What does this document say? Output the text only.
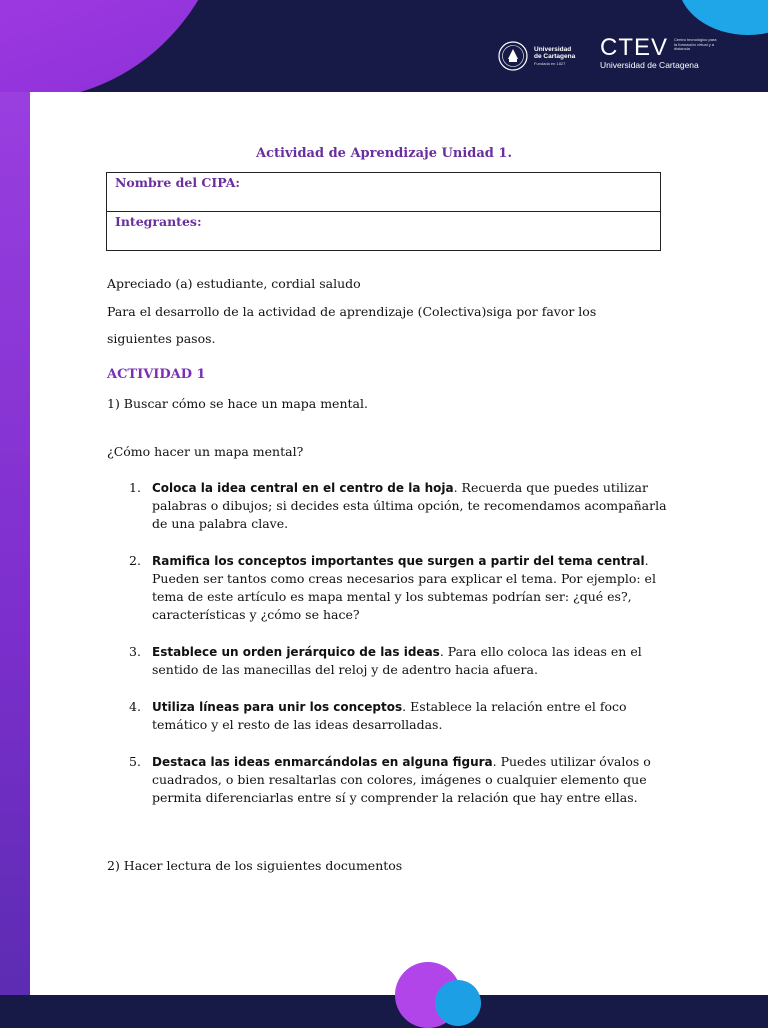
Universidad
de Cartagena
Fundada en 1827
CTEV
Universidad de Cartagena
Centro tecnológico para la formación virtual y a distancia
Actividad de Aprendizaje Unidad 1.
Nombre del CIPA:
Integrantes:
Apreciado (a) estudiante, cordial saludo
Para el desarrollo de la actividad de aprendizaje (Colectiva)siga por favor los
siguientes pasos.
ACTIVIDAD 1
1) Buscar cómo se hace un mapa mental.
¿Cómo hacer un mapa mental?
1. Coloca la idea central en el centro de la hoja. Recuerda que puedes utilizar palabras o dibujos; si decides esta última opción, te recomendamos acompañarla de una palabra clave.
2. Ramifica los conceptos importantes que surgen a partir del tema central. Pueden ser tantos como creas necesarios para explicar el tema. Por ejemplo: el tema de este artículo es mapa mental y los subtemas podrían ser: ¿qué es?, características y ¿cómo se hace?
3. Establece un orden jerárquico de las ideas. Para ello coloca las ideas en el sentido de las manecillas del reloj y de adentro hacia afuera.
4. Utiliza líneas para unir los conceptos. Establece la relación entre el foco temático y el resto de las ideas desarrolladas.
5. Destaca las ideas enmarcándolas en alguna figura. Puedes utilizar óvalos o cuadrados, o bien resaltarlas con colores, imágenes o cualquier elemento que permita diferenciarlas entre sí y comprender la relación que hay entre ellas.
2) Hacer lectura de los siguientes documentos
